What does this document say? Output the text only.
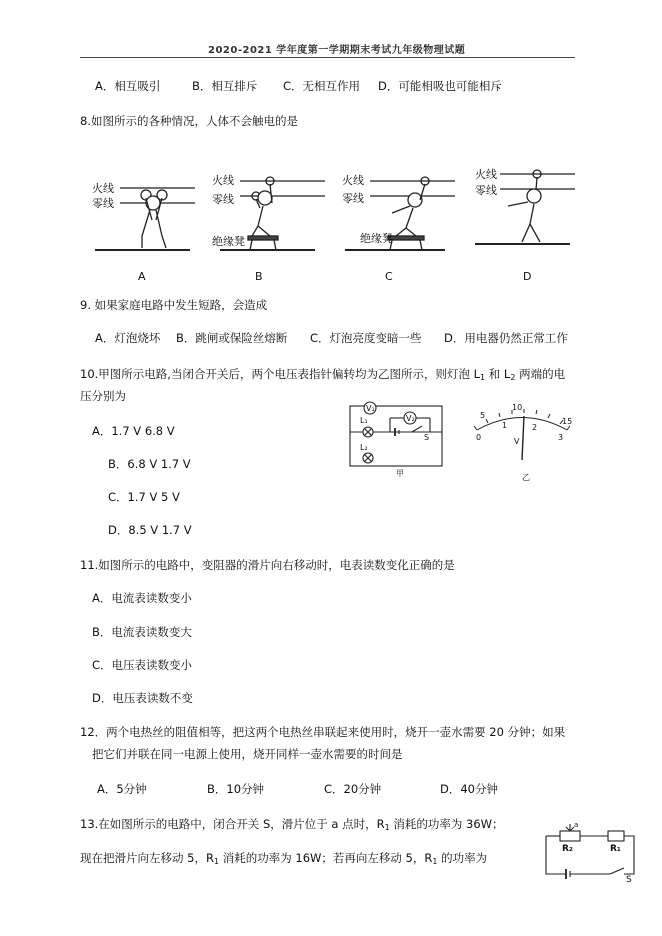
2020-2021 学年度第一学期期末考试九年级物理试题
A．相互吸引	B．相互排斥 C．无相互作用 D．可能相吸也可能相斥
8.如图所示的各种情况，人体不会触电的是
火线
零线
火线
零线
绝缘凳
火线
零线
绝缘凳
火线
零线
A	B	C	D
9. 如果家庭电路中发生短路，会造成
A．灯泡烧坏 B．跳闸或保险丝熔断 C．灯泡亮度变暗一些 D．用电器仍然正常工作
10.甲图所示电路,当闭合开关后，两个电压表指针偏转均为乙图所示，则灯泡 $L_1$ 和 $L_2$ 两端的电
压分别为
A．1.7 V 6.8 V
B．6.8 V 1.7 V
C．1.7 V 5 V
D．8.5 V 1.7 V
V₁
V₂
L₁
L₂
S
甲
5
10
15
0
1	2
3
V
乙
11.如图所示的电路中，变阻器的滑片向右移动时，电表读数变化正确的是
A．电流表读数变小
B．电流表读数变大
C．电压表读数变小
D．电压表读数不变
12．两个电热丝的阻值相等，把这两个电热丝串联起来使用时，烧开一壶水需要 20 分钟；如果
把它们并联在同一电源上使用，烧开同样一壶水需要的时间是
A．5分钟	B．10分钟	C．20分钟	D．40分钟
13.在如图所示的电路中，闭合开关 S，滑片位于 a 点时，$R_1$ 消耗的功率为 36W；
现在把滑片向左移动 5，$R_1$ 消耗的功率为 16W；若再向左移动 5，$R_1$ 的功率为
R₂	R₁
a
S
